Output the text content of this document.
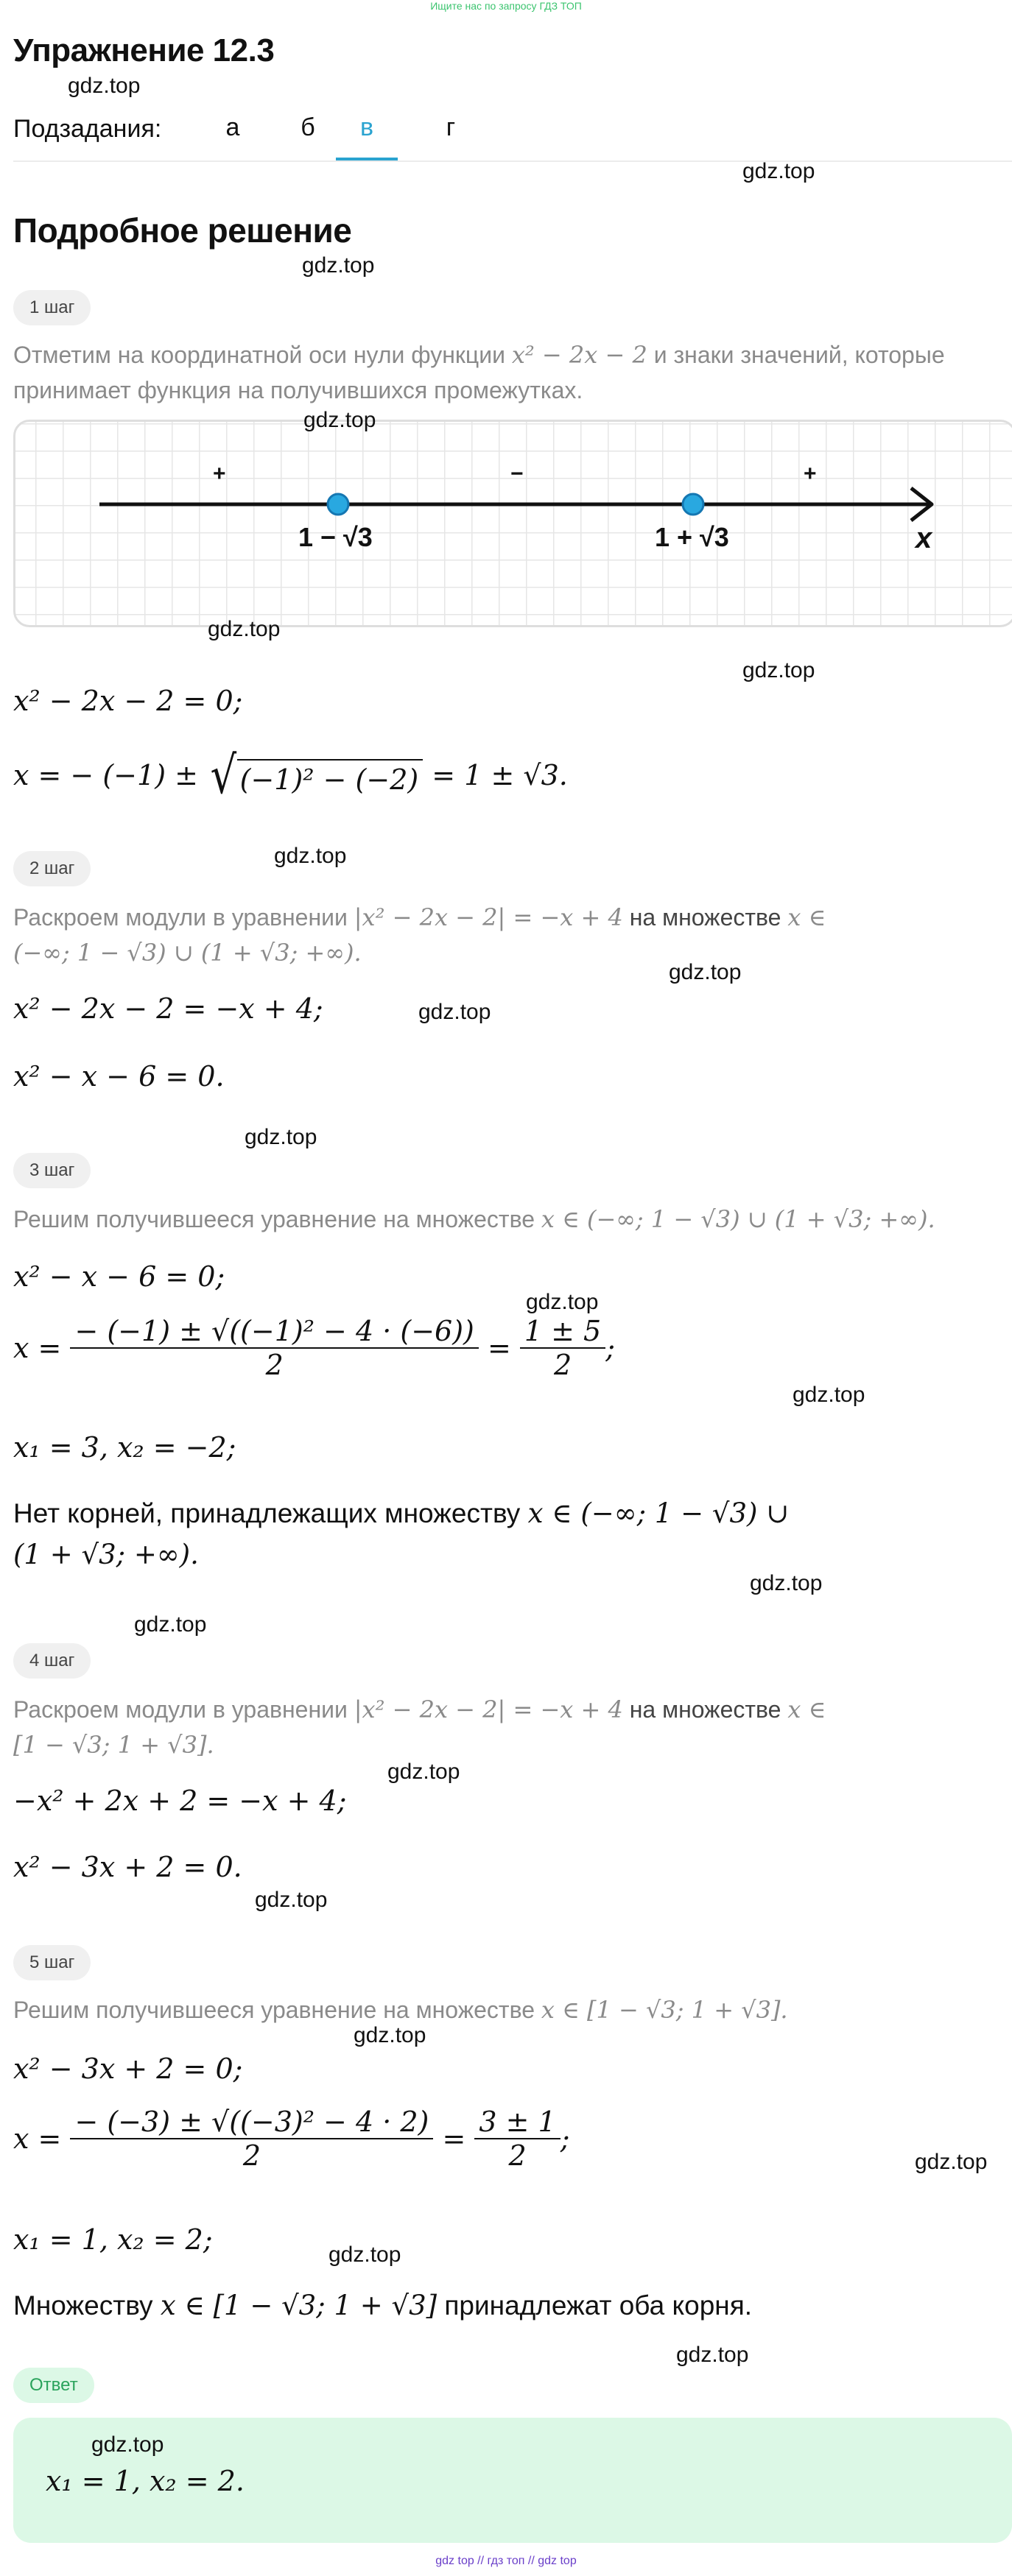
Ищите нас по запросу ГДЗ ТОП
Упражнение 12.3
gdz.top
Подзадания:	а	б	в	г
gdz.top
Подробное решение
gdz.top
1 шаг
Отметим на координатной оси нули функции x² − 2x − 2 и знаки значений, которые
принимает функция на получившихся промежутках.
gdz.top
+	−	+
1 − √3	1 + √3	x
gdz.top
gdz.top
x² − 2x − 2 = 0;
x = − (−1) ± √ (−1)² − (−2) = 1 ± √3.
gdz.top
2 шаг
Раскроем модули в уравнении |x² − 2x − 2| = −x + 4 на множестве x ∈
(−∞; 1 − √3) ∪ (1 + √3; +∞).
gdz.top
x² − 2x − 2 = −x + 4;	gdz.top
x² − x − 6 = 0.
gdz.top
3 шаг
Решим получившееся уравнение на множестве x ∈ (−∞; 1 − √3) ∪ (1 + √3; +∞).
x² − x − 6 = 0;
gdz.top
$x = \frac{\text{− (−1) ± √((−1)² − 4 · (−6))}}{2} = \frac{1 \pm 5}{2}$ ;
gdz.top
x₁ = 3, x₂ = −2;
Нет корней, принадлежащих множеству x ∈ (−∞; 1 − √3) ∪
(1 + √3; +∞).
gdz.top
gdz.top
4 шаг
Раскроем модули в уравнении |x² − 2x − 2| = −x + 4 на множестве x ∈
[1 − √3; 1 + √3].
gdz.top
−x² + 2x + 2 = −x + 4;
x² − 3x + 2 = 0.
gdz.top
5 шаг
Решим получившееся уравнение на множестве x ∈ [1 − √3; 1 + √3].
gdz.top
x² − 3x + 2 = 0;
$x = \frac{\text{− (−3) ± √((−3)² − 4 · 2)}}{2} = \frac{3 \pm 1}{2}$ ;
gdz.top
x₁ = 1, x₂ = 2;	gdz.top
Множеству x ∈ [1 − √3; 1 + √3] принадлежат оба корня.
gdz.top
Ответ
gdz.top
x₁ = 1, x₂ = 2.
gdz top // гдз топ // gdz top
